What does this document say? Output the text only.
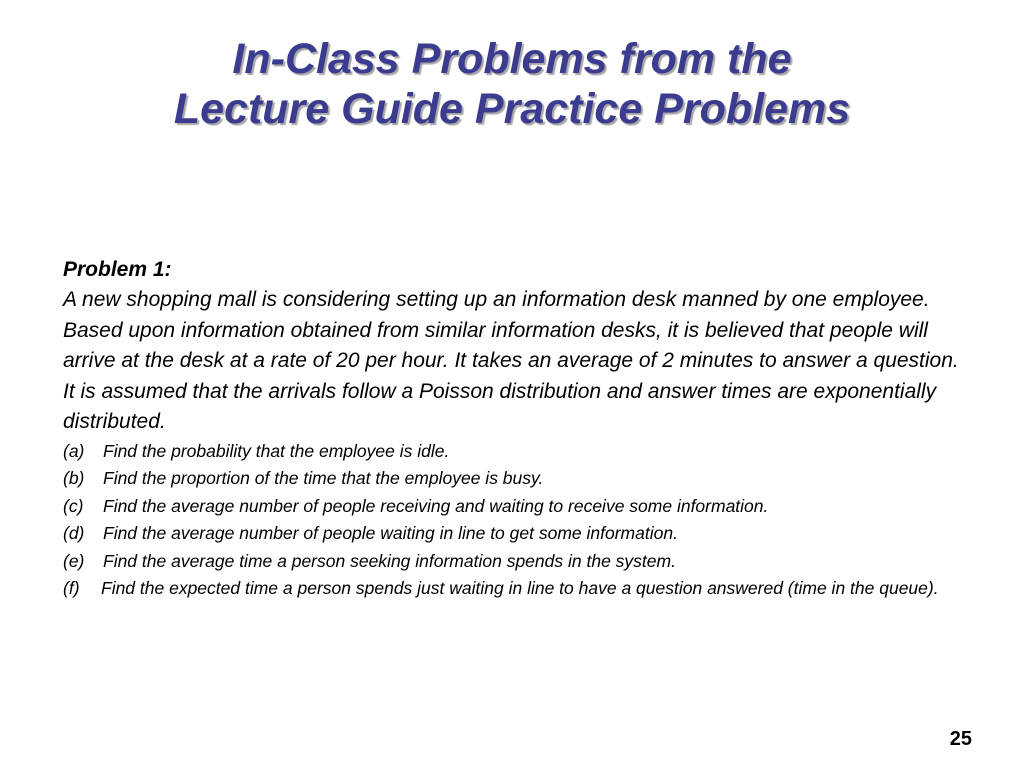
In-Class Problems from the
Lecture Guide Practice Problems

Problem 1:

A new shopping mall is considering setting up an information desk manned by one employee. Based upon information obtained from similar information desks, it is believed that people will arrive at the desk at a rate of 20 per hour. It takes an average of 2 minutes to answer a question. It is assumed that the arrivals follow a Poisson distribution and answer times are exponentially distributed.

(a) Find the probability that the employee is idle.
(b) Find the proportion of the time that the employee is busy.
(c) Find the average number of people receiving and waiting to receive some information.
(d) Find the average number of people waiting in line to get some information.
(e) Find the average time a person seeking information spends in the system.
(f) Find the expected time a person spends just waiting in line to have a question answered (time in the queue).
25
